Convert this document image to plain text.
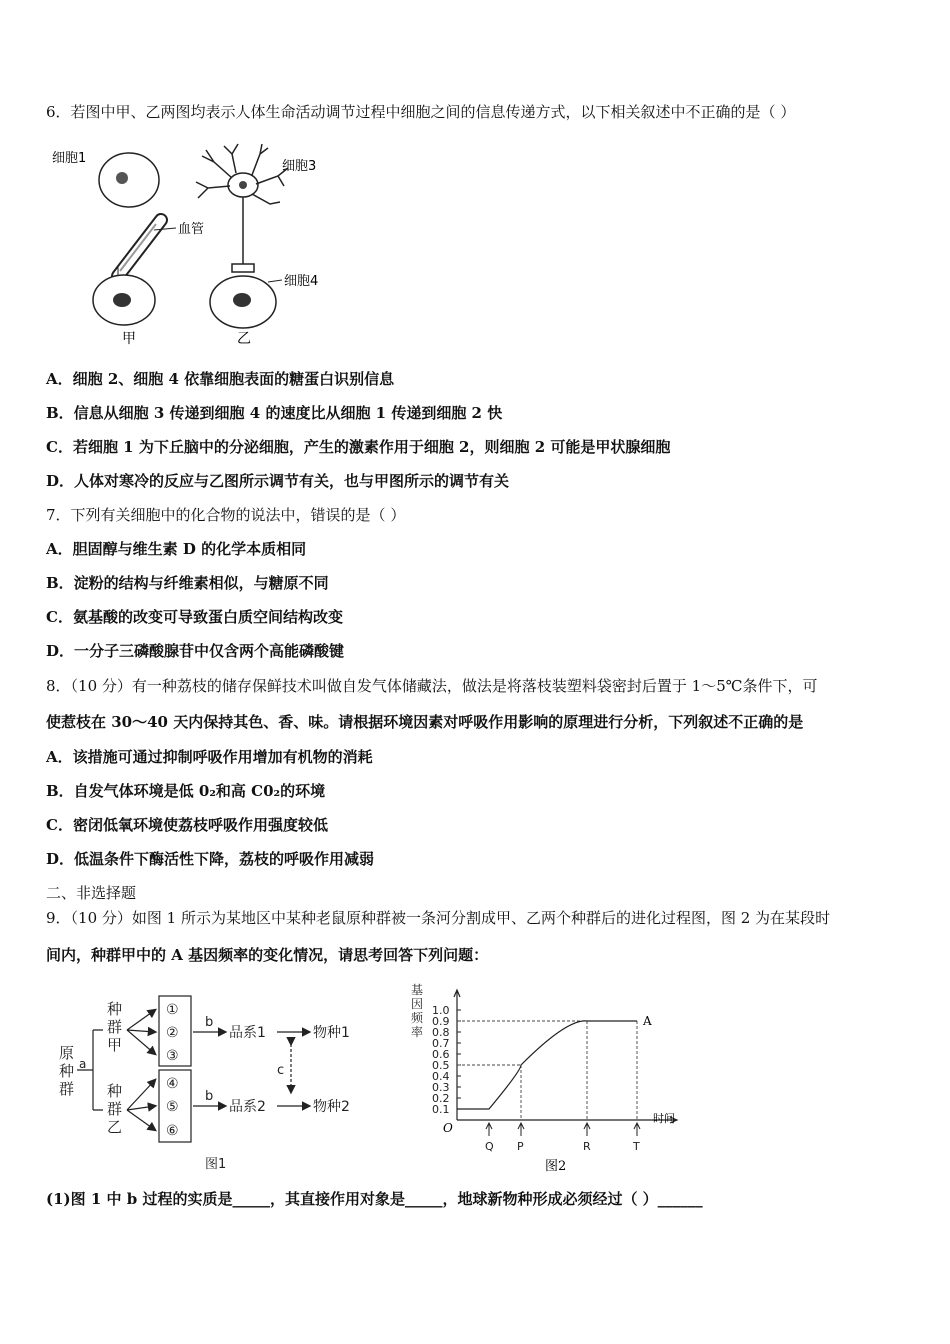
6．若图中甲、乙两图均表示人体生命活动调节过程中细胞之间的信息传递方式，以下相关叙述中不正确的是（ ）
细胞1
血管
甲
细胞3
细胞4
乙
A．细胞 2、细胞 4 依靠细胞表面的糖蛋白识别信息
B．信息从细胞 3 传递到细胞 4 的速度比从细胞 1 传递到细胞 2 快
C．若细胞 1 为下丘脑中的分泌细胞，产生的激素作用于细胞 2，则细胞 2 可能是甲状腺细胞
D．人体对寒冷的反应与乙图所示调节有关，也与甲图所示的调节有关
7．下列有关细胞中的化合物的说法中，错误的是（ ）
A．胆固醇与维生素 D 的化学本质相同
B．淀粉的结构与纤维素相似，与糖原不同
C．氨基酸的改变可导致蛋白质空间结构改变
D．一分子三磷酸腺苷中仅含两个高能磷酸键
8．（10 分）有一种荔枝的储存保鲜技术叫做自发气体储藏法，做法是将落枝装塑料袋密封后置于 1～5℃条件下，可
使惹枝在 30～40 天内保持其色、香、味。请根据环境因素对呼吸作用影响的原理进行分析，下列叙述不正确的是
A．该措施可通过抑制呼吸作用增加有机物的消耗
B．自发气体环境是低 0₂和高 C0₂的环境
C．密闭低氧环境使荔枝呼吸作用强度较低
D．低温条件下酶活性下降，荔枝的呼吸作用减弱
二、非选择题
9．（10 分）如图 1 所示为某地区中某种老鼠原种群被一条河分割成甲、乙两个种群后的进化过程图，图 2 为在某段时
间内，种群甲中的 A 基因频率的变化情况，请思考回答下列问题：
原
种
群
a
种
群
甲
种
群
乙
①
②
③
④
⑤
⑥
b
b
品系1
品系2
物种1
物种2
c
图1
基
因
频
率
0.1
0.2
0.3
0.4
0.5
0.6
0.7
0.8
0.9
1.0
Q P	R	T
O
时间
A
图2
(1)图 1 中 b 过程的实质是_____，其直接作用对象是_____，地球新物种形成必须经过（ ）______
